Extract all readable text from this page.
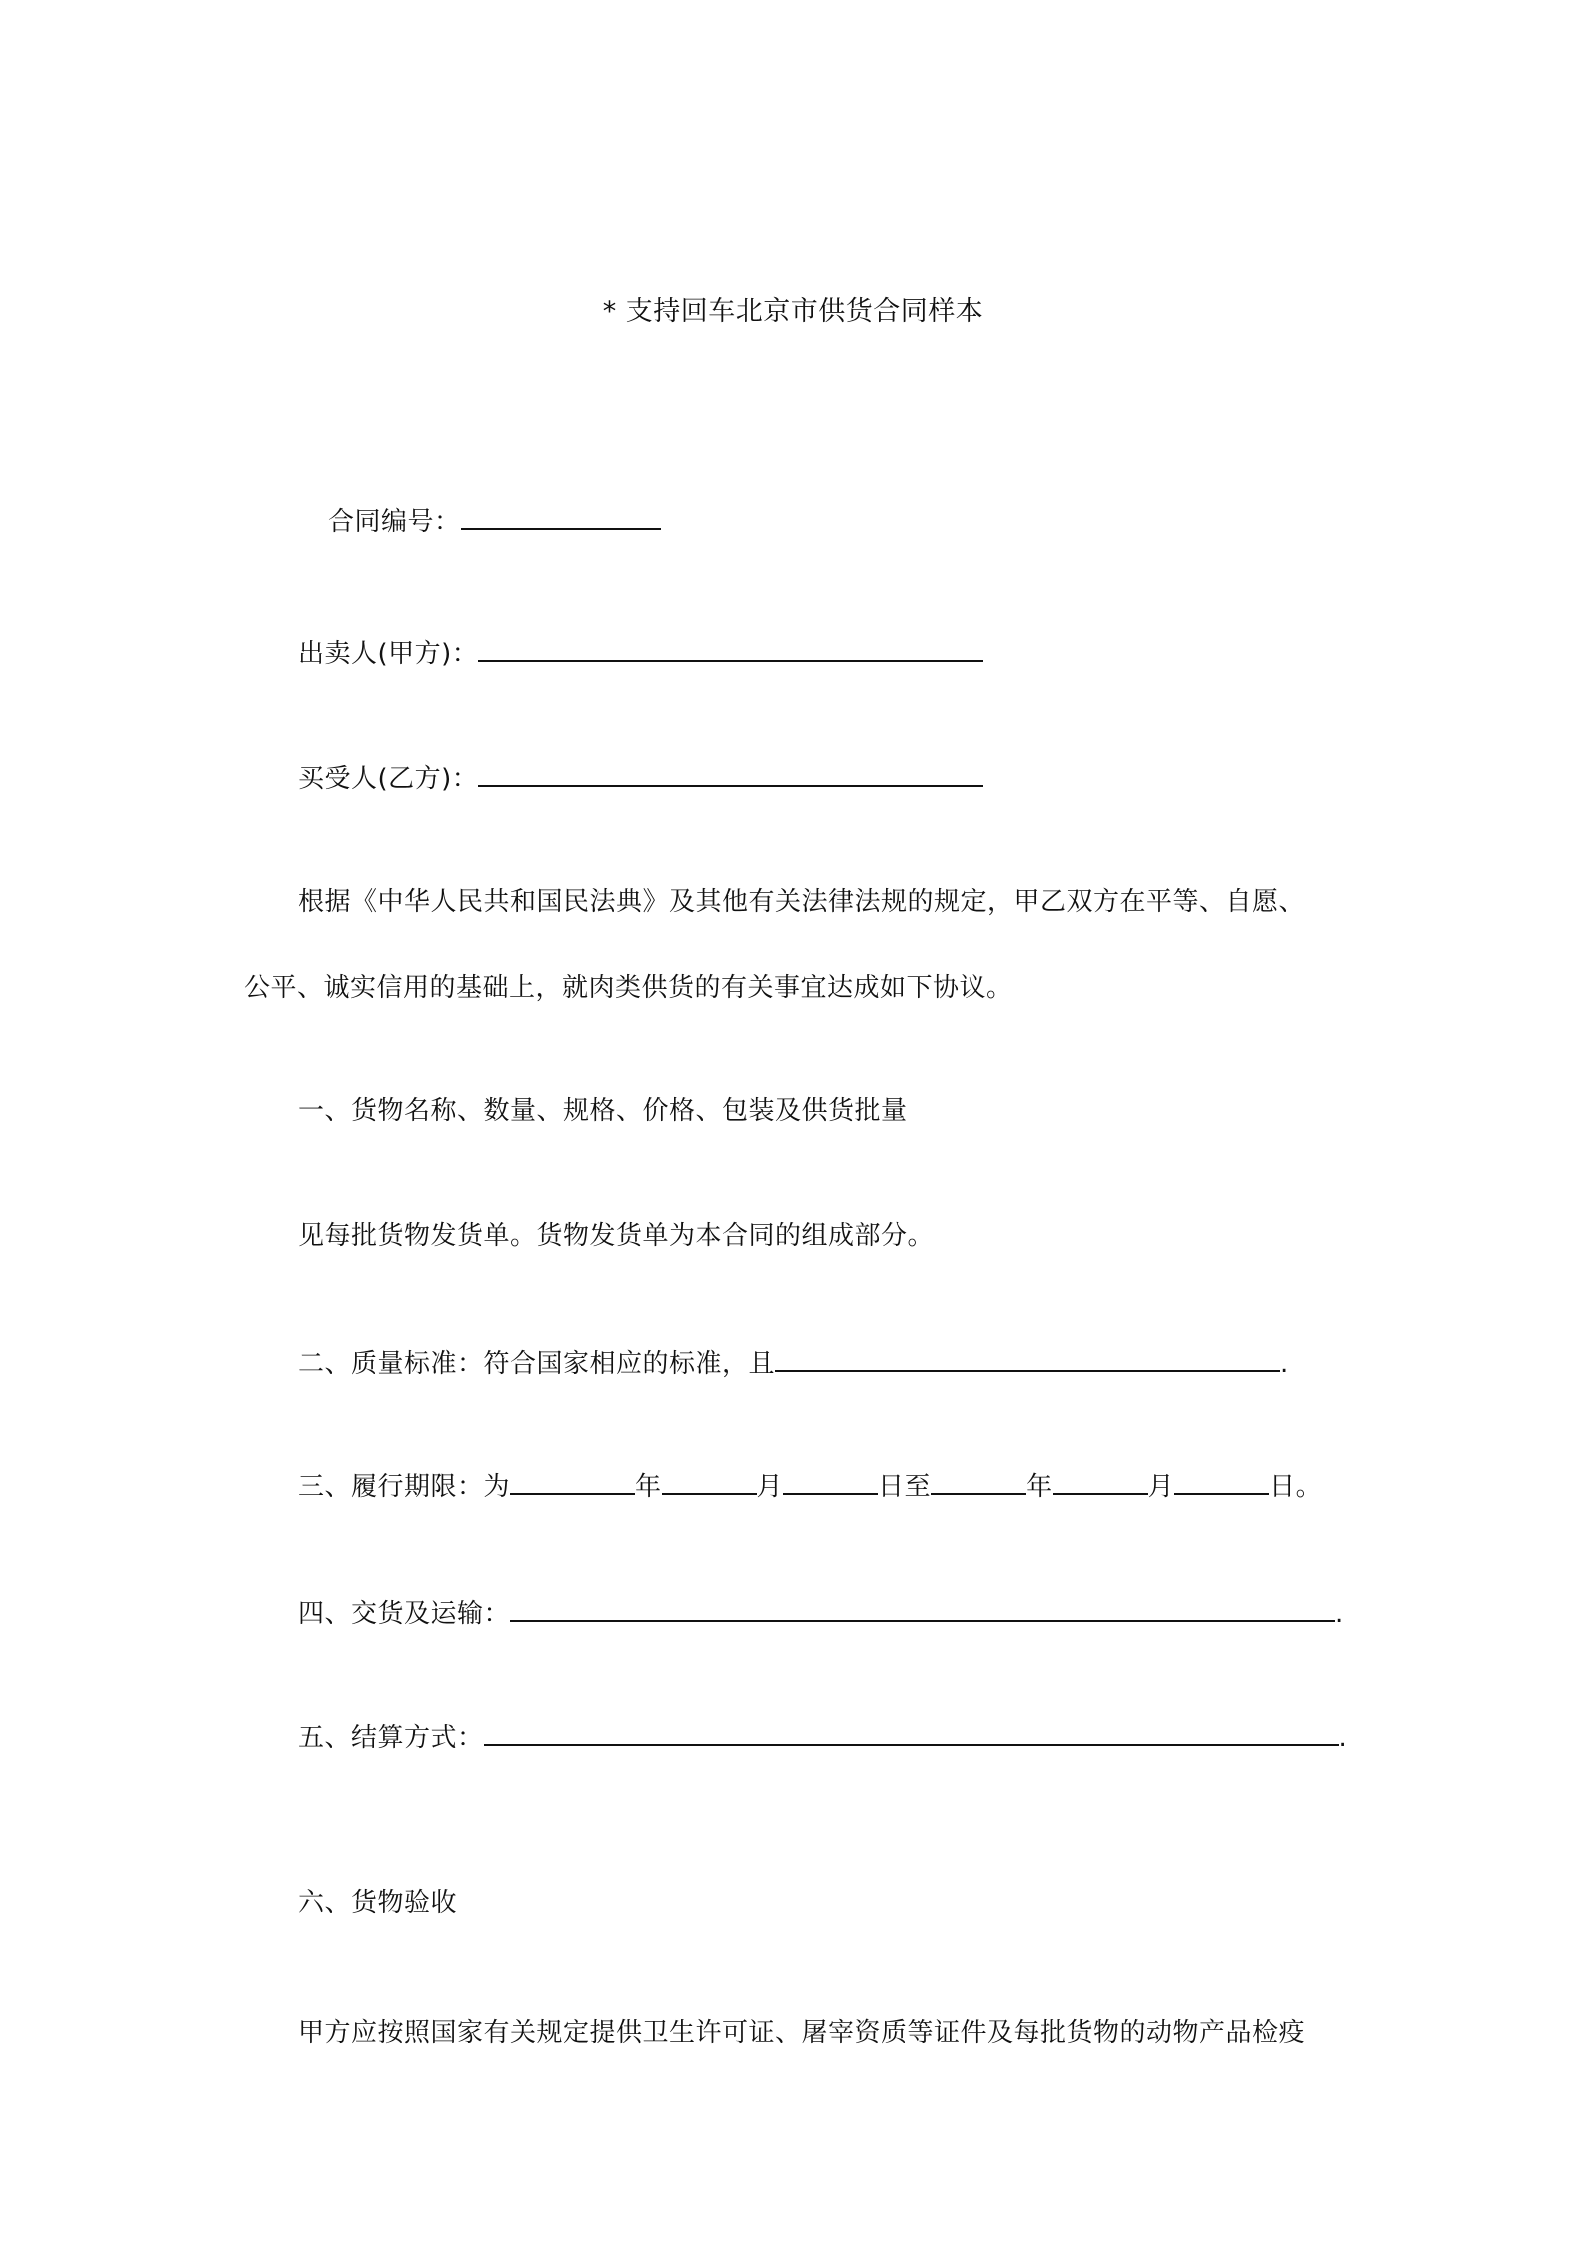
* 支持回车北京市供货合同样本
合同编号：
出卖人(甲方)：
买受人(乙方)：
根据《中华人民共和国民法典》及其他有关法律法规的规定，甲乙双方在平等、自愿、
公平、诚实信用的基础上，就肉类供货的有关事宜达成如下协议。
一、货物名称、数量、规格、价格、包装及供货批量
见每批货物发货单。货物发货单为本合同的组成部分。
二、质量标准：符合国家相应的标准，且	.
三、履行期限：为	年	月	日至	年	月	日。
四、交货及运输：	.
五、结算方式：	.
六、货物验收
甲方应按照国家有关规定提供卫生许可证、屠宰资质等证件及每批货物的动物产品检疫
